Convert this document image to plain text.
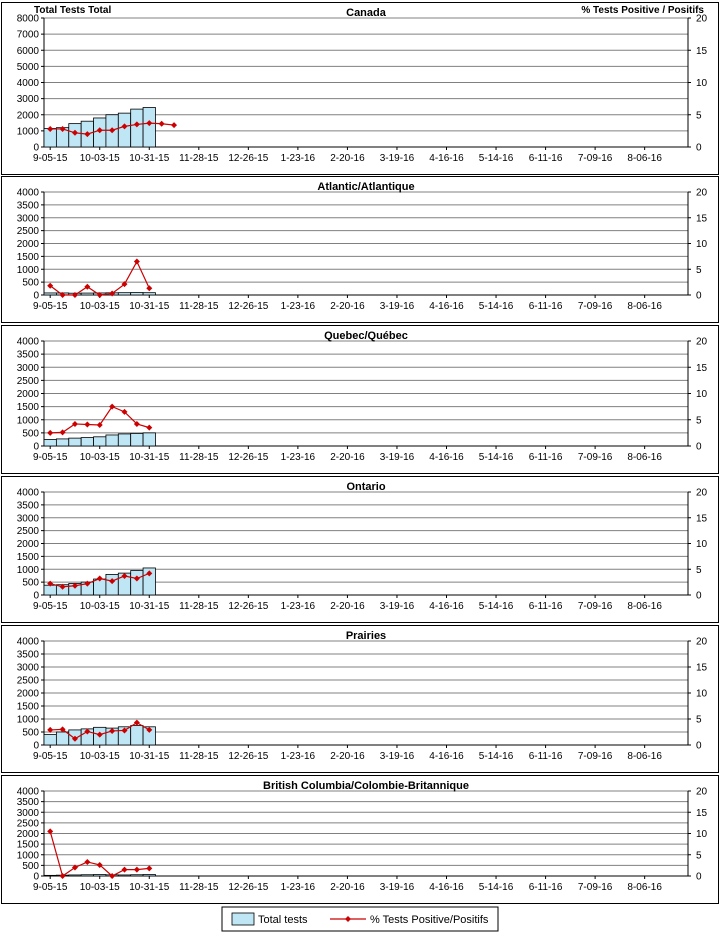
Canada
Total Tests Total	% Tests Positive / Positifs
0
1000
2000
3000
4000
5000
6000
7000
8000
0
5
10
15
20
9-05-15 10-03-15 10-31-15 11-28-15 12-26-15 1-23-16 2-20-16 3-19-16 4-16-16 5-14-16 6-11-16 7-09-16 8-06-16
Atlantic/Atlantique
0
500
1000
1500
2000
2500
3000
3500
4000
0
5
10
15
20
9-05-15 10-03-15 10-31-15 11-28-15 12-26-15 1-23-16 2-20-16 3-19-16 4-16-16 5-14-16 6-11-16 7-09-16 8-06-16
Quebec/Québec
0
500
1000
1500
2000
2500
3000
3500
4000
0
5
10
15
20
9-05-15 10-03-15 10-31-15 11-28-15 12-26-15 1-23-16 2-20-16 3-19-16 4-16-16 5-14-16 6-11-16 7-09-16 8-06-16
Ontario
0
500
1000
1500
2000
2500
3000
3500
4000
0
5
10
15
20
9-05-15 10-03-15 10-31-15 11-28-15 12-26-15 1-23-16 2-20-16 3-19-16 4-16-16 5-14-16 6-11-16 7-09-16 8-06-16
Prairies
0
500
1000
1500
2000
2500
3000
3500
4000
0
5
10
15
20
9-05-15 10-03-15 10-31-15 11-28-15 12-26-15 1-23-16 2-20-16 3-19-16 4-16-16 5-14-16 6-11-16 7-09-16 8-06-16
British Columbia/Colombie-Britannique
0
500
1000
1500
2000
2500
3000
3500
4000
0
5
10
15
20
9-05-15 10-03-15 10-31-15 11-28-15 12-26-15 1-23-16 2-20-16 3-19-16 4-16-16 5-14-16 6-11-16 7-09-16 8-06-16
Total tests	% Tests Positive/Positifs
